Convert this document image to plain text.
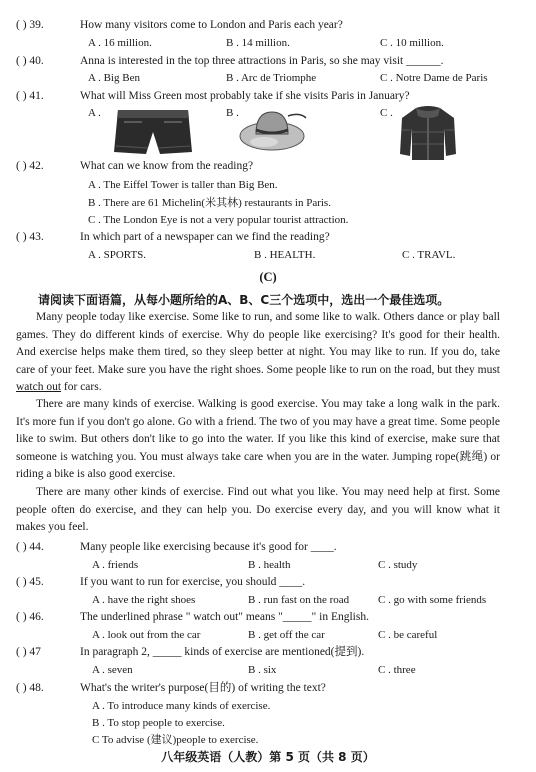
( ) 39.	How many visitors come to London and Paris each year?
A . 16 million.	B . 14 million.	C . 10 million.
( ) 40.	Anna is interested in the top three attractions in Paris, so she may visit ______.
A . Big Ben	B . Arc de Triomphe	C . Notre Dame de Paris
( ) 41.	What will Miss Green most probably take if she visits Paris in January?
A .	B .	C .
( ) 42.	What can we know from the reading?
A . The Eiffel Tower is taller than Big Ben.
B . There are 61 Michelin(米其林) restaurants in Paris.
C . The London Eye is not a very popular tourist attraction.
( ) 43.	In which part of a newspaper can we find the reading?
A . SPORTS.	B . HEALTH.	C . TRAVL.
(C)
请阅读下面语篇，从每小题所给的A、B、C三个选项中，选出一个最佳选项。
Many people today like exercise. Some like to run, and some like to walk. Others dance or play ball games. They do different kinds of exercise. Why do people like exercising? It's good for their health. And exercise helps make them tired, so they sleep better at night. You may like to run. If you do, take care of your feet. Make sure you have the right shoes. Some people like to run on the road, but they must watch out for cars.
There are many kinds of exercise. Walking is good exercise. You may take a long walk in the park. It's more fun if you don't go alone. Go with a friend. The two of you may have a great time. Some people like to swim. But others don't like to go into the water. If you like this kind of exercise, make sure that someone is watching you. You must always take care when you are in the water. Jumping rope(跳绳) or riding a bike is also good exercise.
There are many other kinds of exercise. Find out what you like. You may need help at first. Some people often do exercise, and they can help you. Do exercise every day, and you will know what it makes you feel.
( ) 44.	Many people like exercising because it's good for ____.
A . friends	B . health	C . study
( ) 45.	If you want to run for exercise, you should ____.
A . have the right shoes	B . run fast on the road	C . go with some friends
( ) 46.	The underlined phrase " watch out" means "_____" in English.
A . look out from the car	B . get off the car	C . be careful
( ) 47	In paragraph 2, _____ kinds of exercise are mentioned(提到).
A . seven	B . six	C . three
( ) 48.	What's the writer's purpose(目的) of writing the text?
A . To introduce many kinds of exercise.
B . To stop people to exercise.
C To advise (建议)people to exercise.
八年级英语（人教）第 5 页（共 8 页）
